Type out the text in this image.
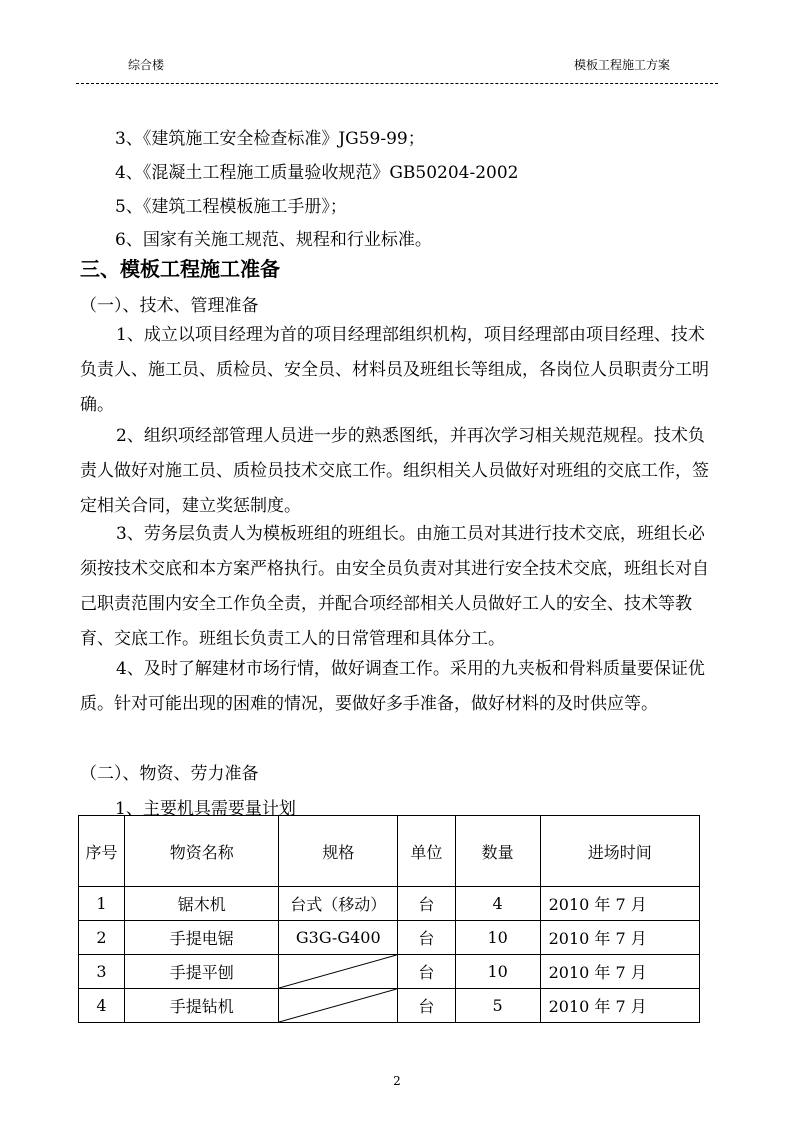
综合楼	模板工程施工方案
3、《建筑施工安全检查标准》JG59-99；
4、《混凝土工程施工质量验收规范》GB50204-2002
5、《建筑工程模板施工手册》；
6、国家有关施工规范、规程和行业标准。
三、模板工程施工准备
（一）、技术、管理准备
1、成立以项目经理为首的项目经理部组织机构，项目经理部由项目经理、技术负责人、施工员、质检员、安全员、材料员及班组长等组成，各岗位人员职责分工明确。
2、组织项经部管理人员进一步的熟悉图纸，并再次学习相关规范规程。技术负责人做好对施工员、质检员技术交底工作。组织相关人员做好对班组的交底工作，签定相关合同，建立奖惩制度。
3、劳务层负责人为模板班组的班组长。由施工员对其进行技术交底，班组长必须按技术交底和本方案严格执行。由安全员负责对其进行安全技术交底，班组长对自己职责范围内安全工作负全责，并配合项经部相关人员做好工人的安全、技术等教育、交底工作。班组长负责工人的日常管理和具体分工。
4、及时了解建材市场行情，做好调查工作。采用的九夹板和骨料质量要保证优质。针对可能出现的困难的情况，要做好多手准备，做好材料的及时供应等。
（二）、物资、劳力准备
1、主要机具需要量计划
序号	物资名称	规格	单位	数量	进场时间
1	锯木机	台式（移动）	台	4	2010 年 7 月
2	手提电锯	G3G-G400	台	10	2010 年 7 月
3	手提平刨		台	10	2010 年 7 月
4	手提钻机		台	5	2010 年 7 月
2
